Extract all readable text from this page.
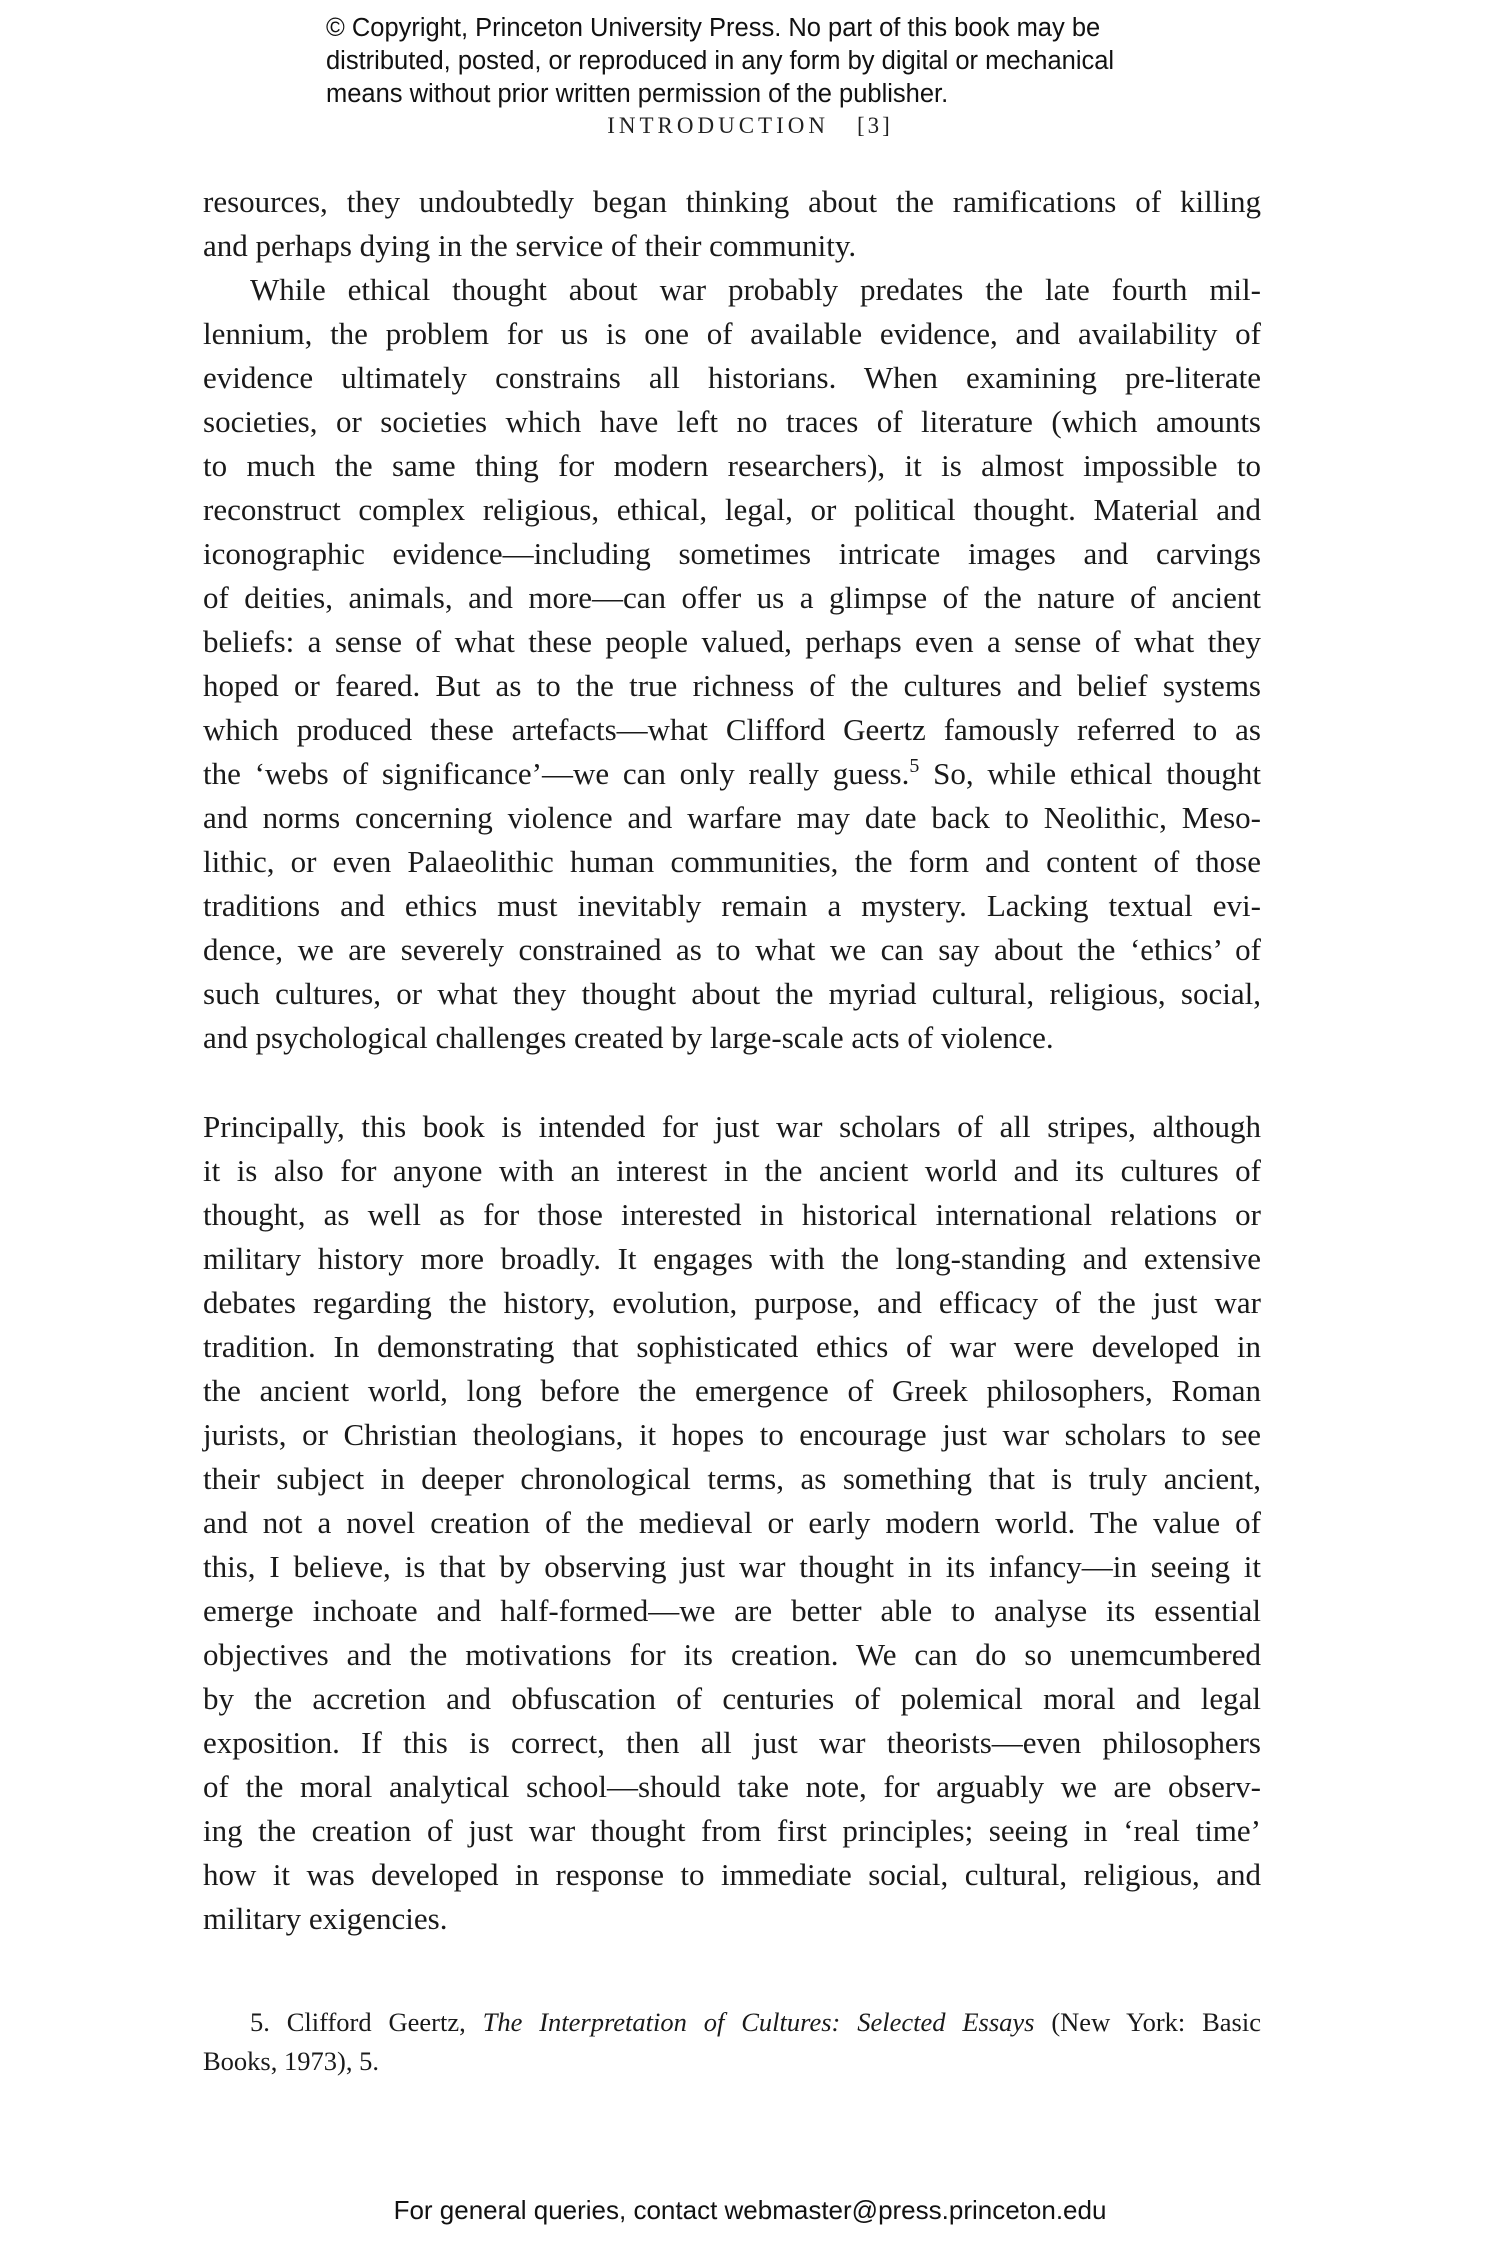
© Copyright, Princeton University Press. No part of this book may be
distributed, posted, or reproduced in any form by digital or mechanical
means without prior written permission of the publisher.
INTRODUCTION [3]
resources, they undoubtedly began thinking about the ramifications of killing
and perhaps dying in the service of their community.
While ethical thought about war probably predates the late fourth mil-
lennium, the problem for us is one of available evidence, and availability of
evidence ultimately constrains all historians. When examining pre-literate
societies, or societies which have left no traces of literature (which amounts
to much the same thing for modern researchers), it is almost impossible to
reconstruct complex religious, ethical, legal, or political thought. Material and
iconographic evidence—including sometimes intricate images and carvings
of deities, animals, and more—can offer us a glimpse of the nature of ancient
beliefs: a sense of what these people valued, perhaps even a sense of what they
hoped or feared. But as to the true richness of the cultures and belief systems
which produced these artefacts—what Clifford Geertz famously referred to as
the ‘webs of significance’—we can only really guess.$^5$ So, while ethical thought
and norms concerning violence and warfare may date back to Neolithic, Meso-
lithic, or even Palaeolithic human communities, the form and content of those
traditions and ethics must inevitably remain a mystery. Lacking textual evi-
dence, we are severely constrained as to what we can say about the ‘ethics’ of
such cultures, or what they thought about the myriad cultural, religious, social,
and psychological challenges created by large-scale acts of violence.
Principally, this book is intended for just war scholars of all stripes, although
it is also for anyone with an interest in the ancient world and its cultures of
thought, as well as for those interested in historical international relations or
military history more broadly. It engages with the long-standing and extensive
debates regarding the history, evolution, purpose, and efficacy of the just war
tradition. In demonstrating that sophisticated ethics of war were developed in
the ancient world, long before the emergence of Greek philosophers, Roman
jurists, or Christian theologians, it hopes to encourage just war scholars to see
their subject in deeper chronological terms, as something that is truly ancient,
and not a novel creation of the medieval or early modern world. The value of
this, I believe, is that by observing just war thought in its infancy—in seeing it
emerge inchoate and half-formed—we are better able to analyse its essential
objectives and the motivations for its creation. We can do so unemcumbered
by the accretion and obfuscation of centuries of polemical moral and legal
exposition. If this is correct, then all just war theorists—even philosophers
of the moral analytical school—should take note, for arguably we are observ-
ing the creation of just war thought from first principles; seeing in ‘real time’
how it was developed in response to immediate social, cultural, religious, and
military exigencies.
5. Clifford Geertz, The Interpretation of Cultures: Selected Essays (New York: Basic
Books, 1973), 5.
For general queries, contact webmaster@press.princeton.edu
